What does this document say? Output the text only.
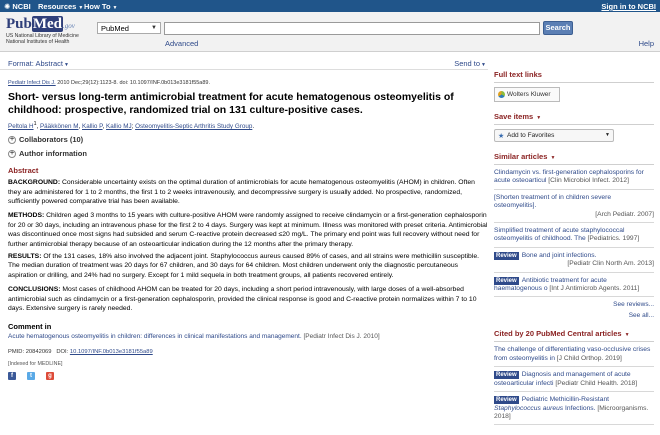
✺ NCBI Resources ▼ How To ▼	Sign in to NCBI
PubMed.gov
US National Library of Medicine
National Institutes of Health
PubMed	▼	Search
Advanced	Help
Format: Abstract▼	Send to▼
Pediatr Infect Dis J. 2010 Dec;29(12):1123-8. doi: 10.1097/INF.0b013e3181f55a89.
Short- versus long-term antimicrobial treatment for acute hematogenous osteomyelitis of childhood: prospective, randomized trial on 131 culture-positive cases.
Peltola $H^1$, Pääkkönen M, Kallio P, Kallio MJ; Osteomyelitis-Septic Arthritis Study Group.
+ Collaborators (10)
+ Author information
Abstract
BACKGROUND: Considerable uncertainty exists on the optimal duration of antimicrobials for acute hematogenous osteomyelitis (AHOM) in children. Often they are administered for 1 to 2 months, the first 1 to 2 weeks intravenously, and decompressive surgery is usually added. No prospective, randomized, sufficiently powered comparative trial has been available.
METHODS: Children aged 3 months to 15 years with culture-positive AHOM were randomly assigned to receive clindamycin or a first-generation cephalosporin for 20 or 30 days, including an intravenous phase for the first 2 to 4 days. Surgery was kept at minimum. Illness was monitored with preset criteria. Antimicrobial was discontinued once most signs had subsided and serum C-reactive protein decreased ≤20 mg/L. The primary end point was full recovery without need for further antimicrobial therapy because of an osteoarticular indication during the 12 months after the primary therapy.
RESULTS: Of the 131 cases, 18% also involved the adjacent joint. Staphylococcus aureus caused 89% of cases, and all strains were methicillin susceptible. The median duration of treatment was 20 days for 67 children, and 30 days for 64 children. Most children underwent only the diagnostic percutaneous aspiration or drilling, and 24% had no surgery. Except for 1 mild sequela in both treatment groups, all patients recovered entirely.
CONCLUSIONS: Most cases of childhood AHOM can be treated for 20 days, including a short period intravenously, with large doses of a well-absorbed antimicrobial such as clindamycin or a first-generation cephalosporin, provided the clinical response is good and C-reactive protein normalizes within 7 to 10 days. Extensive surgery is rarely needed.
Comment in
Acute hematogenous osteomyelitis in children: differences in clinical manifestations and management. [Pediatr Infect Dis J. 2010]
PMID: 20842069 DOI: 10.1097/INF.0b013e3181f55a89
[Indexed for MEDLINE]
f	t	g
Full text links
Wolters Kluwer
Save items ▼
★ Add to Favorites	▼
Similar articles ▼
Clindamycin vs. first-generation cephalosporins for acute osteoarticul [Clin Microbiol Infect. 2012]
[Shorten treatment of in children severe osteomyelitis].
[Arch Pediatr. 2007]
Simplified treatment of acute staphylococcal osteomyelitis of childhood. The [Pediatrics. 1997]
Review Bone and joint infections.
[Pediatr Clin North Am. 2013]
Review Antibiotic treatment for acute haematogenous o [Int J Antimicrob Agents. 2011]
See reviews...
See all...
Cited by 20 PubMed Central articles ▼
The challenge of differentiating vaso-occlusive crises from osteomyelitis in [J Child Orthop. 2019]
Review Diagnosis and management of acute osteoarticular infecti [Pediatr Child Health. 2018]
Review Pediatric Methicillin-Resistant Staphylococcus aureus Infections. [Microorganisms. 2018]
